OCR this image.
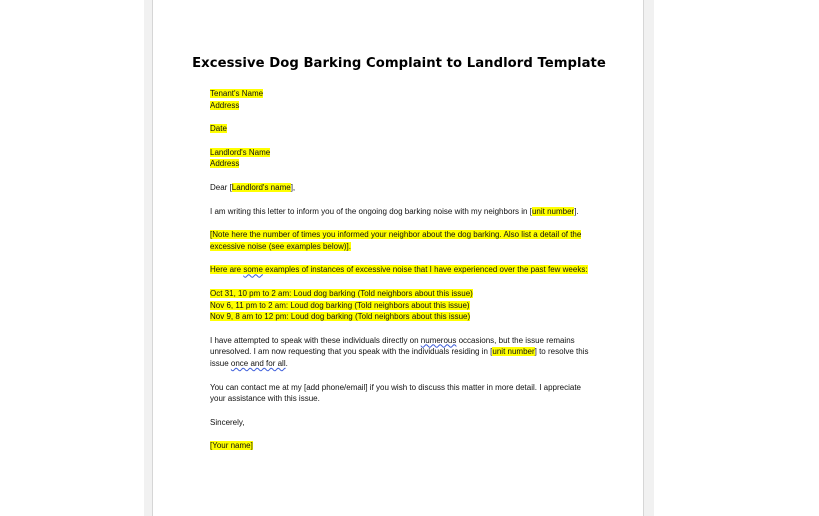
Excessive Dog Barking Complaint to Landlord Template

Tenant's Name
Address

Date

Landlord's Name
Address

Dear [Landlord's name],

I am writing this letter to inform you of the ongoing dog barking noise with my neighbors in [unit number].

[Note here the number of times you informed your neighbor about the dog barking. Also list a detail of the excessive noise (see examples below)].

Here are some examples of instances of excessive noise that I have experienced over the past few weeks:

Oct 31, 10 pm to 2 am: Loud dog barking (Told neighbors about this issue)
Nov 6, 11 pm to 2 am: Loud dog barking (Told neighbors about this issue)
Nov 9, 8 am to 12 pm: Loud dog barking (Told neighbors about this issue)

I have attempted to speak with these individuals directly on numerous occasions, but the issue remains unresolved. I am now requesting that you speak with the individuals residing in [unit number] to resolve this issue once and for all.

You can contact me at my [add phone/email] if you wish to discuss this matter in more detail. I appreciate your assistance with this issue.

Sincerely,

[Your name]
